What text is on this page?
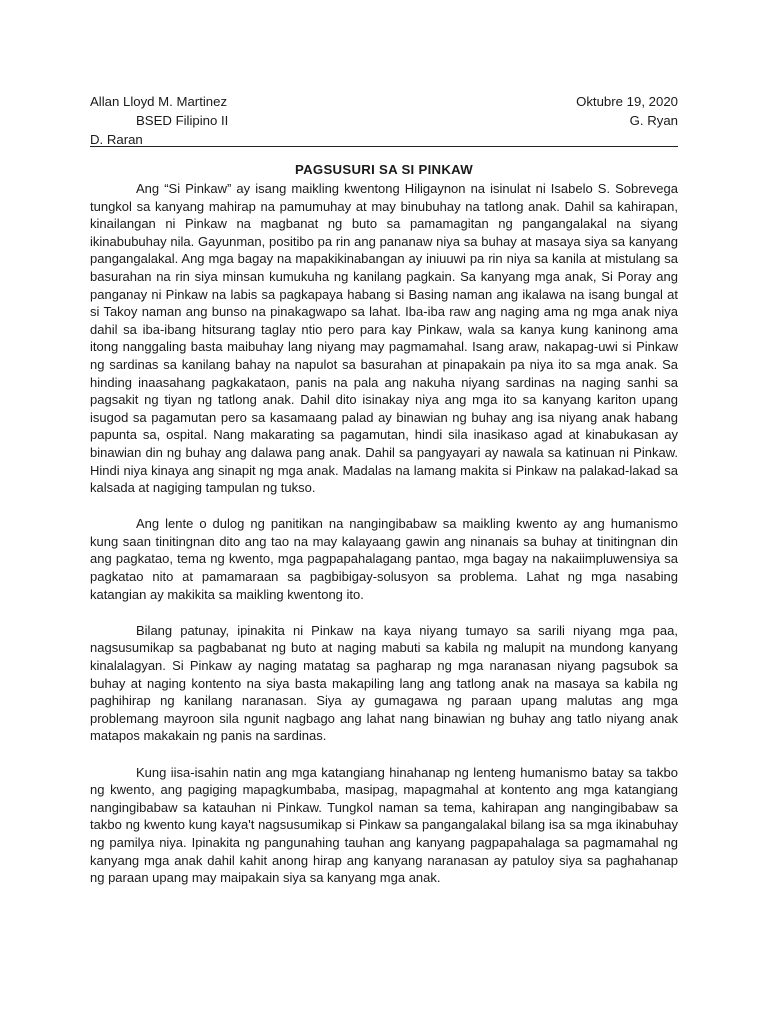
Allan Lloyd M. Martinez	Oktubre 19, 2020
BSED Filipino II	G. Ryan
D. Raran
PAGSUSURI SA SI PINKAW

Ang “Si Pinkaw” ay isang maikling kwentong Hiligaynon na isinulat ni Isabelo S. Sobrevega tungkol sa kanyang mahirap na pamumuhay at may binubuhay na tatlong anak. Dahil sa kahirapan, kinailangan ni Pinkaw na magbanat ng buto sa pamamagitan ng pangangalakal na siyang ikinabubuhay nila. Gayunman, positibo pa rin ang pananaw niya sa buhay at masaya siya sa kanyang pangangalakal. Ang mga bagay na mapakikinabangan ay iniuuwi pa rin niya sa kanila at mistulang sa basurahan na rin siya minsan kumukuha ng kanilang pagkain. Sa kanyang mga anak, Si Poray ang panganay ni Pinkaw na labis sa pagkapaya habang si Basing naman ang ikalawa na isang bungal at si Takoy naman ang bunso na pinakagwapo sa lahat. Iba-iba raw ang naging ama ng mga anak niya dahil sa iba-ibang hitsurang taglay ntio pero para kay Pinkaw, wala sa kanya kung kaninong ama itong nanggaling basta maibuhay lang niyang may pagmamahal. Isang araw, nakapag-uwi si Pinkaw ng sardinas sa kanilang bahay na napulot sa basurahan at pinapakain pa niya ito sa mga anak. Sa hinding inaasahang pagkakataon, panis na pala ang nakuha niyang sardinas na naging sanhi sa pagsakit ng tiyan ng tatlong anak. Dahil dito isinakay niya ang mga ito sa kanyang kariton upang isugod sa pagamutan pero sa kasamaang palad ay binawian ng buhay ang isa niyang anak habang papunta sa, ospital. Nang makarating sa pagamutan, hindi sila inasikaso agad at kinabukasan ay binawian din ng buhay ang dalawa pang anak. Dahil sa pangyayari ay nawala sa katinuan ni Pinkaw. Hindi niya kinaya ang sinapit ng mga anak. Madalas na lamang makita si Pinkaw na palakad-lakad sa kalsada at nagiging tampulan ng tukso.

Ang lente o dulog ng panitikan na nangingibabaw sa maikling kwento ay ang humanismo kung saan tinitingnan dito ang tao na may kalayaang gawin ang ninanais sa buhay at tinitingnan din ang pagkatao, tema ng kwento, mga pagpapahalagang pantao, mga bagay na nakaiimpluwensiya sa pagkatao nito at pamamaraan sa pagbibigay-solusyon sa problema. Lahat ng mga nasabing katangian ay makikita sa maikling kwentong ito.

Bilang patunay, ipinakita ni Pinkaw na kaya niyang tumayo sa sarili niyang mga paa, nagsusumikap sa pagbabanat ng buto at naging mabuti sa kabila ng malupit na mundong kanyang kinalalagyan. Si Pinkaw ay naging matatag sa pagharap ng mga naranasan niyang pagsubok sa buhay at naging kontento na siya basta makapiling lang ang tatlong anak na masaya sa kabila ng paghihirap ng kanilang naranasan. Siya ay gumagawa ng paraan upang malutas ang mga problemang mayroon sila ngunit nagbago ang lahat nang binawian ng buhay ang tatlo niyang anak matapos makakain ng panis na sardinas.

Kung iisa-isahin natin ang mga katangiang hinahanap ng lenteng humanismo batay sa takbo ng kwento, ang pagiging mapagkumbaba, masipag, mapagmahal at kontento ang mga katangiang nangingibabaw sa katauhan ni Pinkaw. Tungkol naman sa tema, kahirapan ang nangingibabaw sa takbo ng kwento kung kaya't nagsusumikap si Pinkaw sa pangangalakal bilang isa sa mga ikinabuhay ng pamilya niya. Ipinakita ng pangunahing tauhan ang kanyang pagpapahalaga sa pagmamahal ng kanyang mga anak dahil kahit anong hirap ang kanyang naranasan ay patuloy siya sa paghahanap ng paraan upang may maipakain siya sa kanyang mga anak.
